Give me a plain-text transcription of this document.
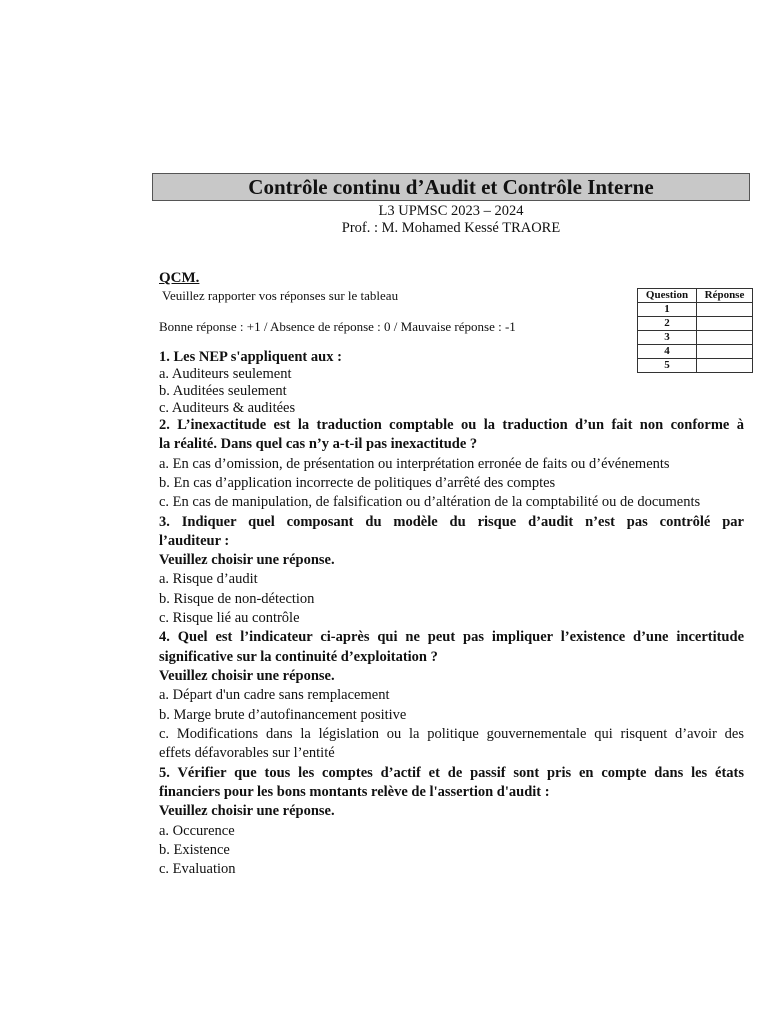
Contrôle continu d’Audit et Contrôle Interne
L3 UPMSC 2023 – 2024
Prof. : M. Mohamed Kessé TRAORE
QCM.
Veuillez rapporter vos réponses sur le tableau
Bonne réponse : +1 / Absence de réponse : 0 / Mauvaise réponse : -1
Question	Réponse
1	
2	
3	
4	
5	
1. Les NEP s'appliquent aux :
a. Auditeurs seulement
b. Auditées seulement
c. Auditeurs & auditées
2. L’inexactitude est la traduction comptable ou la traduction d’un fait non conforme à
la réalité. Dans quel cas n’y a-t-il pas inexactitude ?
a. En cas d’omission, de présentation ou interprétation erronée de faits ou d’événements
b. En cas d’application incorrecte de politiques d’arrêté des comptes
c. En cas de manipulation, de falsification ou d’altération de la comptabilité ou de documents
3. Indiquer quel composant du modèle du risque d’audit n’est pas contrôlé par
l’auditeur :
Veuillez choisir une réponse.
a. Risque d’audit
b. Risque de non-détection
c. Risque lié au contrôle
4. Quel est l’indicateur ci-après qui ne peut pas impliquer l’existence d’une incertitude
significative sur la continuité d’exploitation ?
Veuillez choisir une réponse.
a. Départ d'un cadre sans remplacement
b. Marge brute d’autofinancement positive
c. Modifications dans la législation ou la politique gouvernementale qui risquent d’avoir des
effets défavorables sur l’entité
5. Vérifier que tous les comptes d’actif et de passif sont pris en compte dans les états
financiers pour les bons montants relève de l'assertion d'audit :
Veuillez choisir une réponse.
a. Occurence
b. Existence
c. Evaluation
